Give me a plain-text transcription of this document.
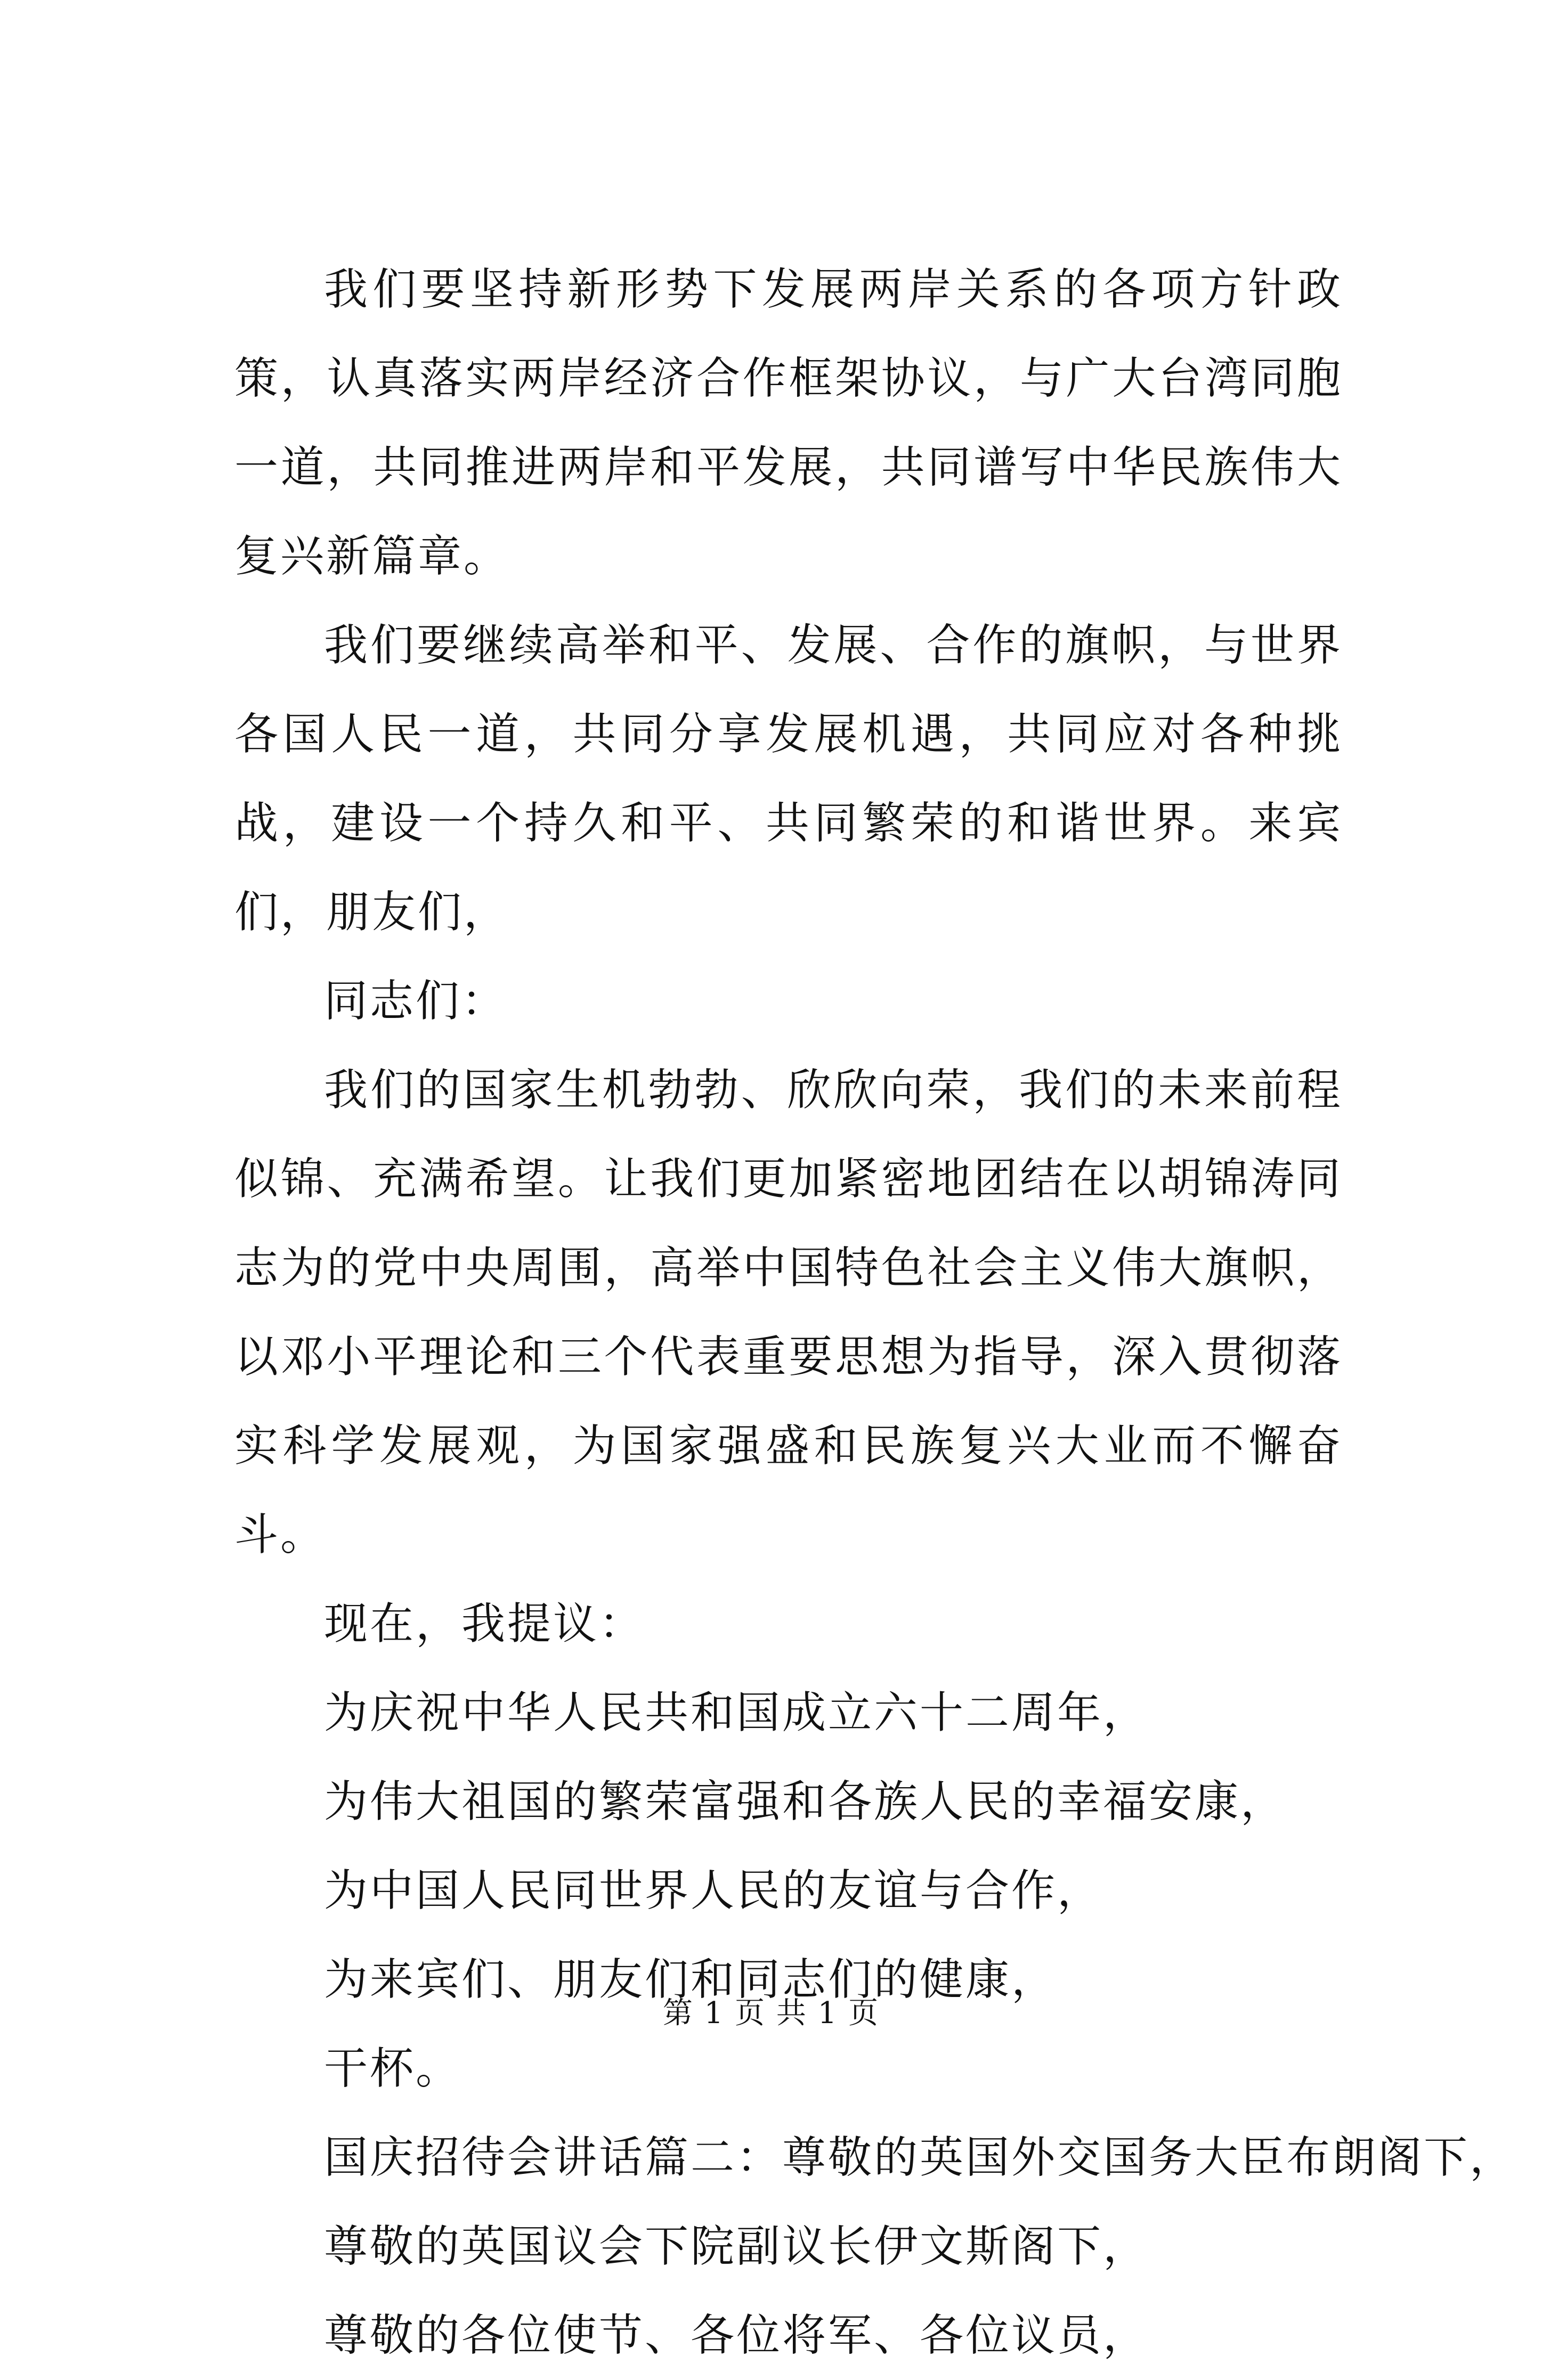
我们要坚持新形势下发展两岸关系的各项方针政策，认真落实两岸经济合作框架协议，与广大台湾同胞一道，共同推进两岸和平发展，共同谱写中华民族伟大复兴新篇章。

我们要继续高举和平、发展、合作的旗帜，与世界各国人民一道，共同分享发展机遇，共同应对各种挑战，建设一个持久和平、共同繁荣的和谐世界。来宾们，朋友们，

同志们：

我们的国家生机勃勃、欣欣向荣，我们的未来前程似锦、充满希望。让我们更加紧密地团结在以胡锦涛同志为的党中央周围，高举中国特色社会主义伟大旗帜，以邓小平理论和三个代表重要思想为指导，深入贯彻落实科学发展观，为国家强盛和民族复兴大业而不懈奋斗。

现在，我提议：

为庆祝中华人民共和国成立六十二周年，

为伟大祖国的繁荣富强和各族人民的幸福安康，

为中国人民同世界人民的友谊与合作，

为来宾们、朋友们和同志们的健康，

干杯。

国庆招待会讲话篇二：尊敬的英国外交国务大臣布朗阁下，

尊敬的英国议会下院副议长伊文斯阁下，

尊敬的各位使节、各位将军、各位议员，

第 1 页 共 1 页
